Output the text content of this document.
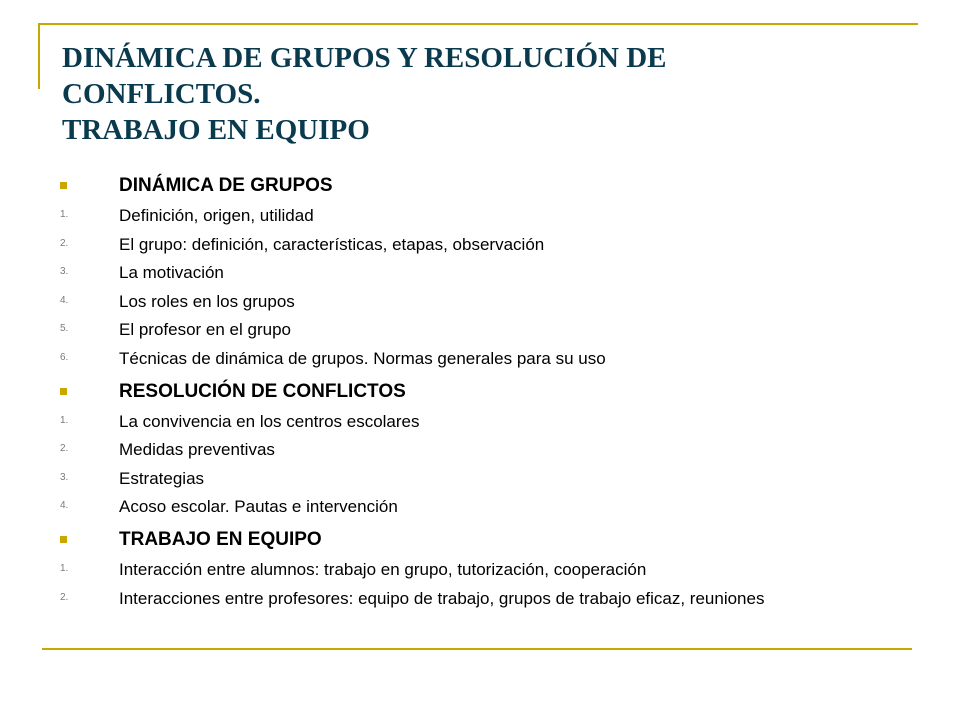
DINÁMICA DE GRUPOS Y RESOLUCIÓN DE
CONFLICTOS.
TRABAJO EN EQUIPO
DINÁMICA DE GRUPOS
1.	Definición, origen, utilidad
2.	El grupo: definición, características, etapas, observación
3.	La motivación
4.	Los roles en los grupos
5.	El profesor en el grupo
6.	Técnicas de dinámica de grupos. Normas generales para su uso
RESOLUCIÓN DE CONFLICTOS
1.	La convivencia en los centros escolares
2.	Medidas preventivas
3.	Estrategias
4.	Acoso escolar. Pautas e intervención
TRABAJO EN EQUIPO
1.	Interacción entre alumnos: trabajo en grupo, tutorización, cooperación
2.	Interacciones entre profesores: equipo de trabajo, grupos de trabajo eficaz, reuniones
